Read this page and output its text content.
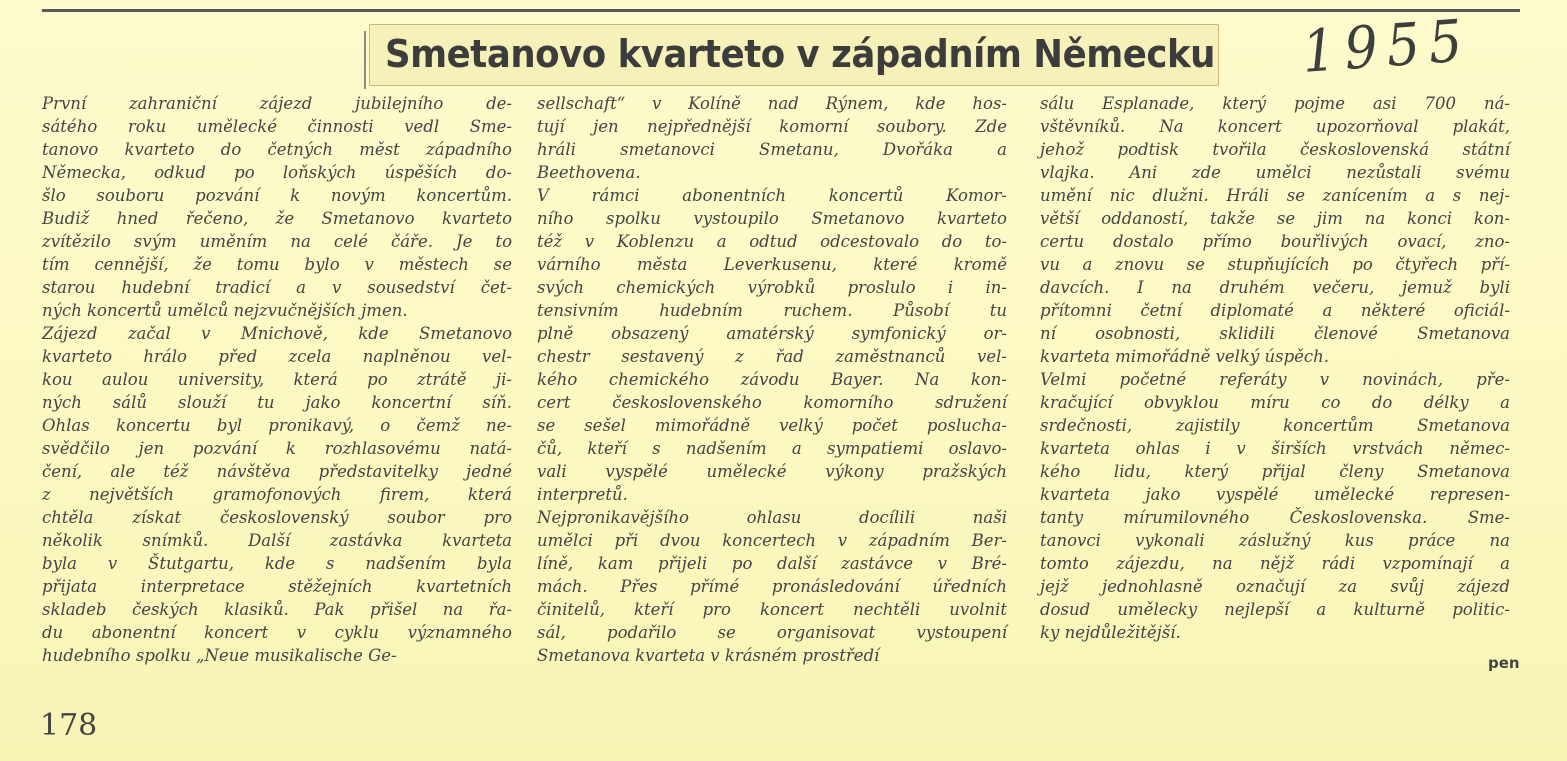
Smetanovo kvarteto v západním Německu 1955
První zahraniční zájezd jubilejního de-
sátého roku umělecké činnosti vedl Sme-
tanovo kvarteto do četných měst západního
Německa, odkud po loňských úspěších do-
šlo souboru pozvání k novým koncertům.
Budiž hned řečeno, že Smetanovo kvarteto
zvítězilo svým uměním na celé čáře. Je to
tím cennější, že tomu bylo v městech se
starou hudební tradicí a v sousedství čet-
ných koncertů umělců nejzvučnějších jmen.
Zájezd začal v Mnichově, kde Smetanovo
kvarteto hrálo před zcela naplněnou vel-
kou aulou university, která po ztrátě ji-
ných sálů slouží tu jako koncertní síň.
Ohlas koncertu byl pronikavý, o čemž ne-
svědčilo jen pozvání k rozhlasovému natá-
čení, ale též návštěva představitelky jedné
z největších gramofonových firem, která
chtěla získat československý soubor pro
několik snímků. Další zastávka kvarteta
byla v Štutgartu, kde s nadšením byla
přijata interpretace stěžejních kvartetních
skladeb českých klasiků. Pak přišel na řa-
du abonentní koncert v cyklu významného
hudebního spolku „Neue musikalische Ge-
sellschaft“ v Kolíně nad Rýnem, kde hos-
tují jen nejpřednější komorní soubory. Zde
hráli smetanovci Smetanu, Dvořáka a
Beethovena.
V rámci abonentních koncertů Komor-
ního spolku vystoupilo Smetanovo kvarteto
též v Koblenzu a odtud odcestovalo do to-
várního města Leverkusenu, které kromě
svých chemických výrobků proslulo i in-
tensivním hudebním ruchem. Působí tu
plně obsazený amatérský symfonický or-
chestr sestavený z řad zaměstnanců vel-
kého chemického závodu Bayer. Na kon-
cert československého komorního sdružení
se sešel mimořádně velký počet poslucha-
čů, kteří s nadšením a sympatiemi oslavo-
vali vyspělé umělecké výkony pražských
interpretů.
Nejpronikavějšího ohlasu docílili naši
umělci při dvou koncertech v západním Ber-
líně, kam přijeli po další zastávce v Bré-
mách. Přes přímé pronásledování úředních
činitelů, kteří pro koncert nechtěli uvolnit
sál, podařilo se organisovat vystoupení
Smetanova kvarteta v krásném prostředí
sálu Esplanade, který pojme asi 700 ná-
vštěvníků. Na koncert upozorňoval plakát,
jehož podtisk tvořila československá státní
vlajka. Ani zde umělci nezůstali svému
umění nic dlužni. Hráli se zanícením a s nej-
větší oddaností, takže se jim na konci kon-
certu dostalo přímo bouřlivých ovací, zno-
vu a znovu se stupňujících po čtyřech pří-
davcích. I na druhém večeru, jemuž byli
přítomni četní diplomaté a některé oficiál-
ní osobnosti, sklidili členové Smetanova
kvarteta mimořádně velký úspěch.
Velmi početné referáty v novinách, pře-
kračující obvyklou míru co do délky a
srdečnosti, zajistily koncertům Smetanova
kvarteta ohlas i v širších vrstvách němec-
kého lidu, který přijal členy Smetanova
kvarteta jako vyspělé umělecké represen-
tanty mírumilovného Československa. Sme-
tanovci vykonali záslužný kus práce na
tomto zájezdu, na nějž rádi vzpomínají a
jejž jednohlasně označují za svůj zájezd
dosud umělecky nejlepší a kulturně politic-
ky nejdůležitější.
pen
178
